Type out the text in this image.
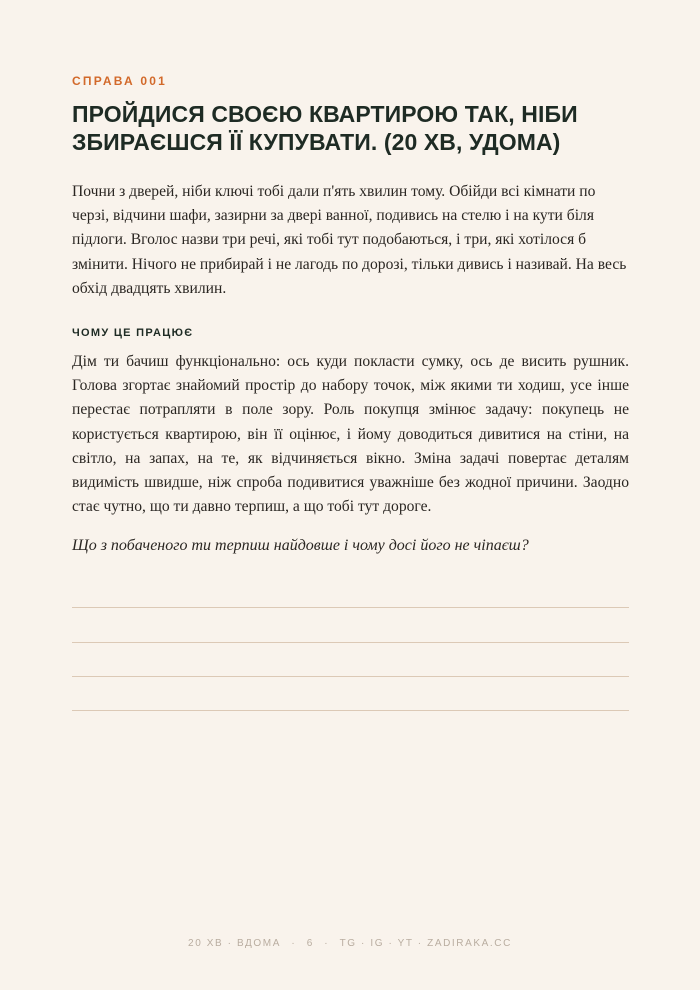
СПРАВА 001
ПРОЙДИСЯ СВОЄЮ КВАРТИРОЮ ТАК, НІБИ ЗБИРАЄШСЯ ЇЇ КУПУВАТИ. (20 ХВ, УДОМА)

Почни з дверей, ніби ключі тобі дали п'ять хвилин тому. Обійди всі кімнати по черзі, відчини шафи, зазирни за двері ванної, подивись на стелю і на кути біля підлоги. Вголос назви три речі, які тобі тут подобаються, і три, які хотілося б змінити. Нічого не прибирай і не лагодь по дорозі, тільки дивись і називай. На весь обхід двадцять хвилин.

ЧОМУ ЦЕ ПРАЦЮЄ

Дім ти бачиш функціонально: ось куди покласти сумку, ось де висить рушник. Голова згортає знайомий простір до набору точок, між якими ти ходиш, усе інше перестає потрапляти в поле зору. Роль покупця змінює задачу: покупець не користується квартирою, він її оцінює, і йому доводиться дивитися на стіни, на світло, на запах, на те, як відчиняється вікно. Зміна задачі повертає деталям видимість швидше, ніж спроба подивитися уважніше без жодної причини. Заодно стає чутно, що ти давно терпиш, а що тобі тут дороге.

Що з побаченого ти терпиш найдовше і чому досі його не чіпаєш?

20 ХВ · ВДОМА · 6 · TG · IG · YT · ZADIRAKA.CC
